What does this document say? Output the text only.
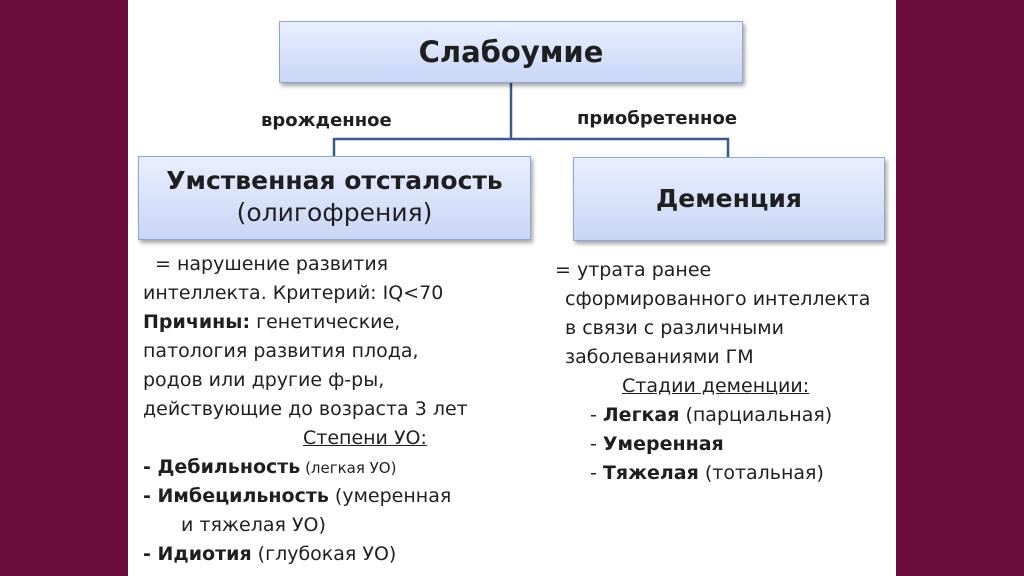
Слабоумие
врожденное	приобретенное
Умственная отсталость
(олигофрения)	Деменция
= нарушение развития
интеллекта. Критерий: IQ<70
Причины: генетические,
патология развития плода,
родов или другие ф-ры,
действующие до возраста 3 лет
Степени УО:
- Дебильность (легкая УО)
- Имбецильность (умеренная
и тяжелая УО)
- Идиотия (глубокая УО)
= утрата ранее
сформированного интеллекта
в связи с различными
заболеваниями ГМ
Стадии деменции:
- Легкая (парциальная)
- Умеренная
- Тяжелая (тотальная)
